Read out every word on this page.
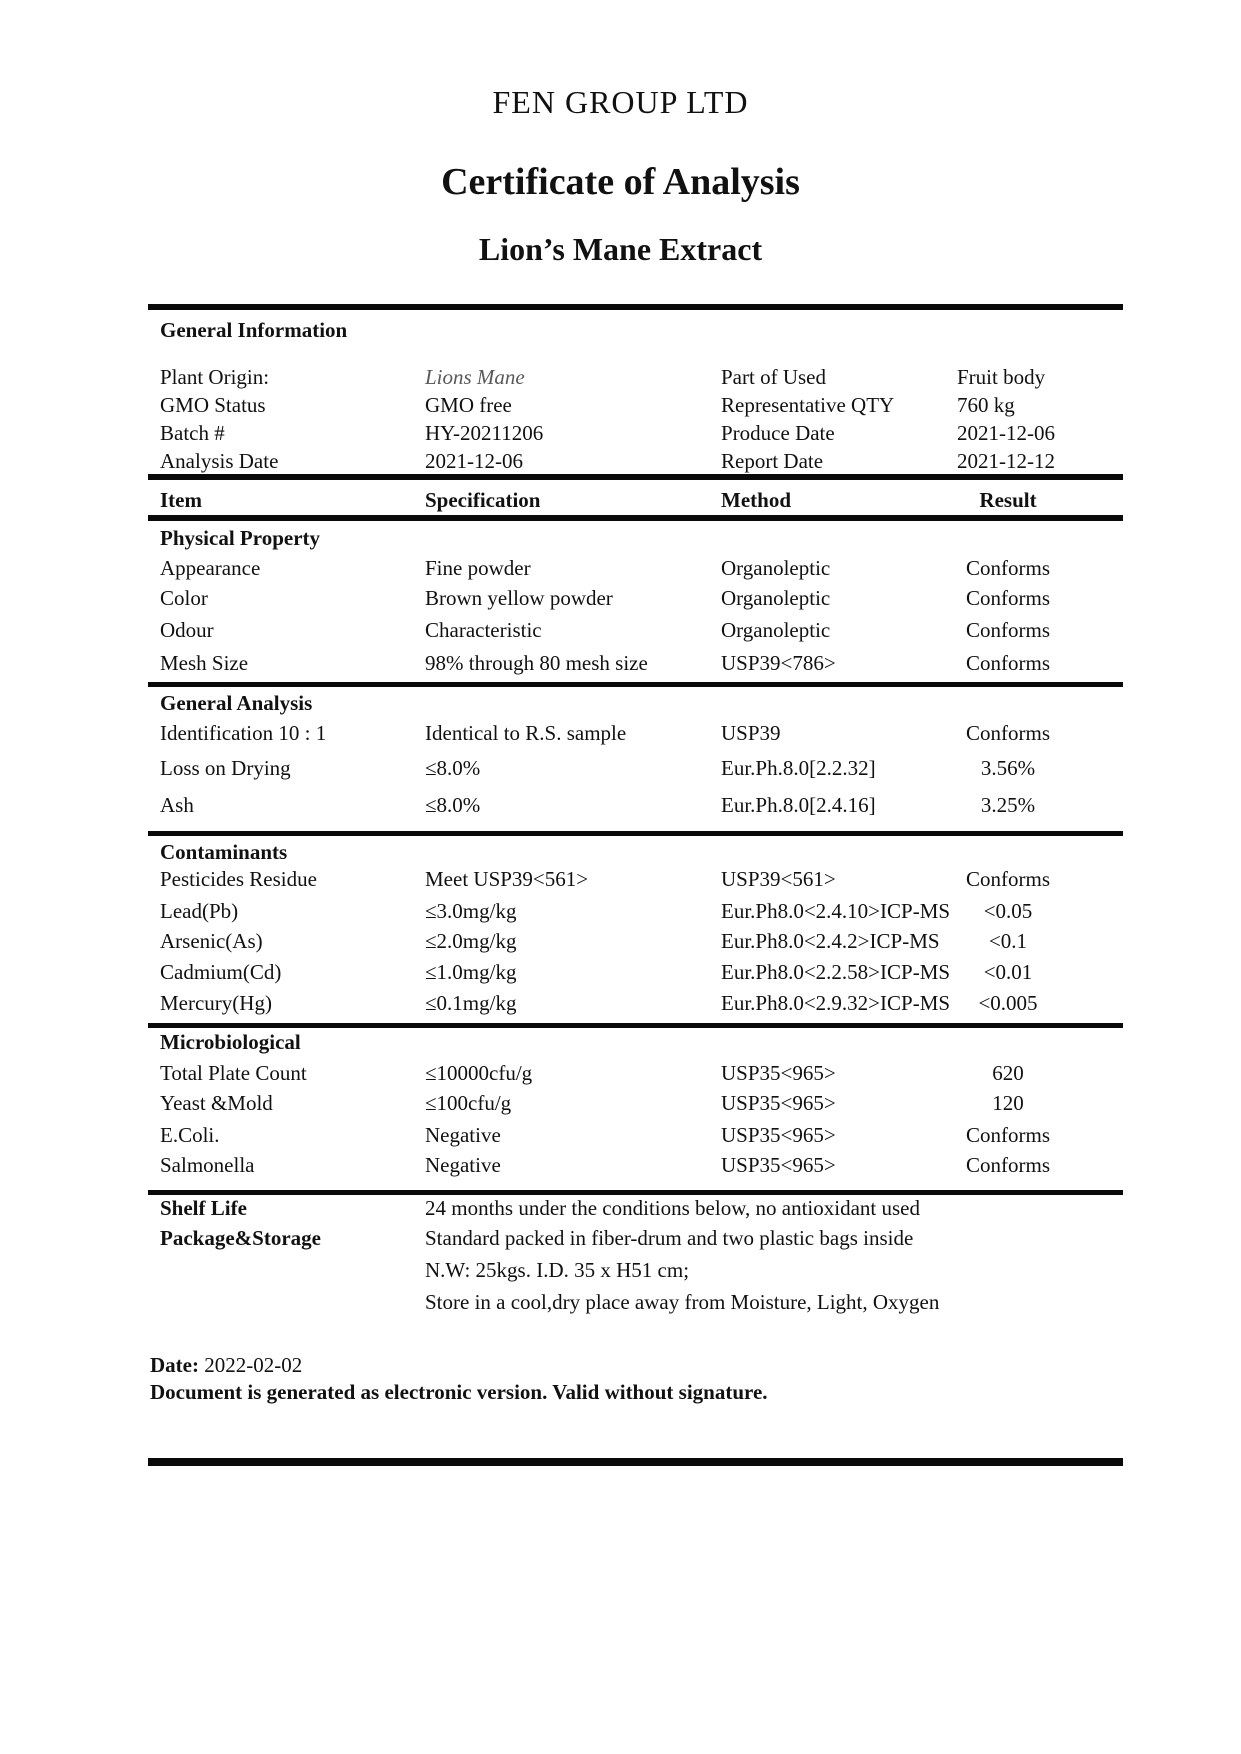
FEN GROUP LTD
Certificate of Analysis
Lion’s Mane Extract
General Information
Plant Origin:	Lions Mane	Part of Used	Fruit body
GMO Status	GMO free	Representative QTY	760 kg
Batch #	HY-20211206	Produce Date	2021-12-06
Analysis Date	2021-12-06	Report Date	2021-12-12
Item	Specification	Method	Result
Physical Property
Appearance	Fine powder	Organoleptic	Conforms
Color	Brown yellow powder	Organoleptic	Conforms
Odour	Characteristic	Organoleptic	Conforms
Mesh Size	98% through 80 mesh size	USP39<786>	Conforms
General Analysis
Identification 10 : 1	Identical to R.S. sample	USP39	Conforms
Loss on Drying	≤8.0%	Eur.Ph.8.0[2.2.32]	3.56%
Ash	≤8.0%	Eur.Ph.8.0[2.4.16]	3.25%
Contaminants
Pesticides Residue	Meet USP39<561>	USP39<561>	Conforms
Lead(Pb)	≤3.0mg/kg	Eur.Ph8.0<2.4.10>ICP-MS	<0.05
Arsenic(As)	≤2.0mg/kg	Eur.Ph8.0<2.4.2>ICP-MS	<0.1
Cadmium(Cd)	≤1.0mg/kg	Eur.Ph8.0<2.2.58>ICP-MS	<0.01
Mercury(Hg)	≤0.1mg/kg	Eur.Ph8.0<2.9.32>ICP-MS	<0.005
Microbiological
Total Plate Count	≤10000cfu/g	USP35<965>	620
Yeast &Mold	≤100cfu/g	USP35<965>	120
E.Coli.	Negative	USP35<965>	Conforms
Salmonella	Negative	USP35<965>	Conforms
Shelf Life	24 months under the conditions below, no antioxidant used
Package&Storage	Standard packed in fiber-drum and two plastic bags inside
N.W: 25kgs. I.D. 35 x H51 cm;
Store in a cool,dry place away from Moisture, Light, Oxygen
Date: 2022-02-02
Document is generated as electronic version. Valid without signature.
